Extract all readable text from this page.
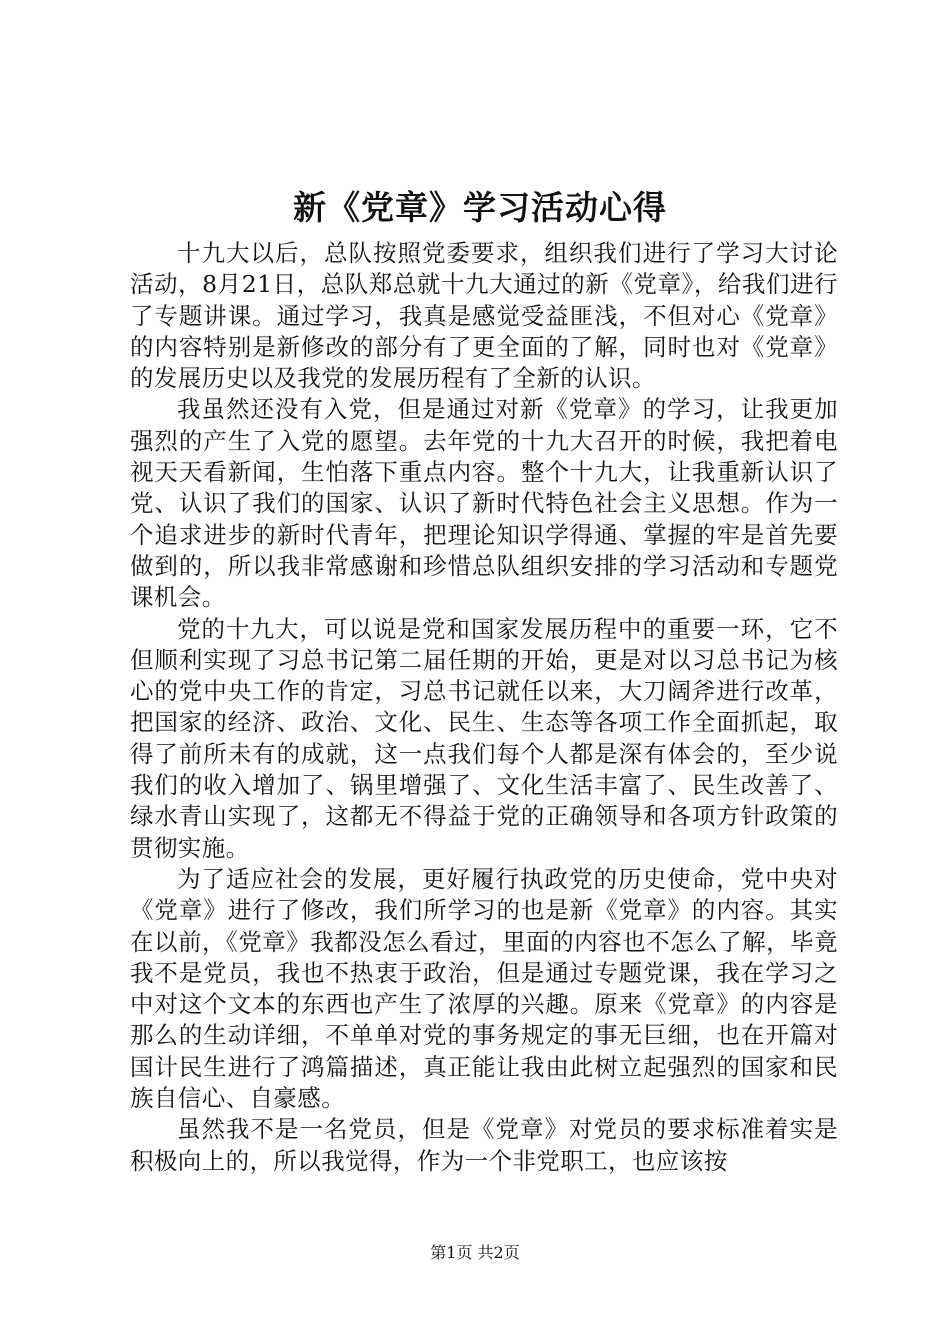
新《党章》学习活动心得

十九大以后，总队按照党委要求，组织我们进行了学习大讨论活动，8月21日，总队郑总就十九大通过的新《党章》，给我们进行了专题讲课。通过学习，我真是感觉受益匪浅，不但对心《党章》的内容特别是新修改的部分有了更全面的了解，同时也对《党章》的发展历史以及我党的发展历程有了全新的认识。

我虽然还没有入党，但是通过对新《党章》的学习，让我更加强烈的产生了入党的愿望。去年党的十九大召开的时候，我把着电视天天看新闻，生怕落下重点内容。整个十九大，让我重新认识了党、认识了我们的国家、认识了新时代特色社会主义思想。作为一个追求进步的新时代青年，把理论知识学得通、掌握的牢是首先要做到的，所以我非常感谢和珍惜总队组织安排的学习活动和专题党课机会。

党的十九大，可以说是党和国家发展历程中的重要一环，它不但顺利实现了习总书记第二届任期的开始，更是对以习总书记为核心的党中央工作的肯定，习总书记就任以来，大刀阔斧进行改革，把国家的经济、政治、文化、民生、生态等各项工作全面抓起，取得了前所未有的成就，这一点我们每个人都是深有体会的，至少说我们的收入增加了、锅里增强了、文化生活丰富了、民生改善了、绿水青山实现了，这都无不得益于党的正确领导和各项方针政策的贯彻实施。

为了适应社会的发展，更好履行执政党的历史使命，党中央对《党章》进行了修改，我们所学习的也是新《党章》的内容。其实在以前，《党章》我都没怎么看过，里面的内容也不怎么了解，毕竟我不是党员，我也不热衷于政治，但是通过专题党课，我在学习之中对这个文本的东西也产生了浓厚的兴趣。原来《党章》的内容是那么的生动详细，不单单对党的事务规定的事无巨细，也在开篇对国计民生进行了鸿篇描述，真正能让我由此树立起强烈的国家和民族自信心、自豪感。

虽然我不是一名党员，但是《党章》对党员的要求标准着实是积极向上的，所以我觉得，作为一个非党职工，也应该按

第1页 共2页
